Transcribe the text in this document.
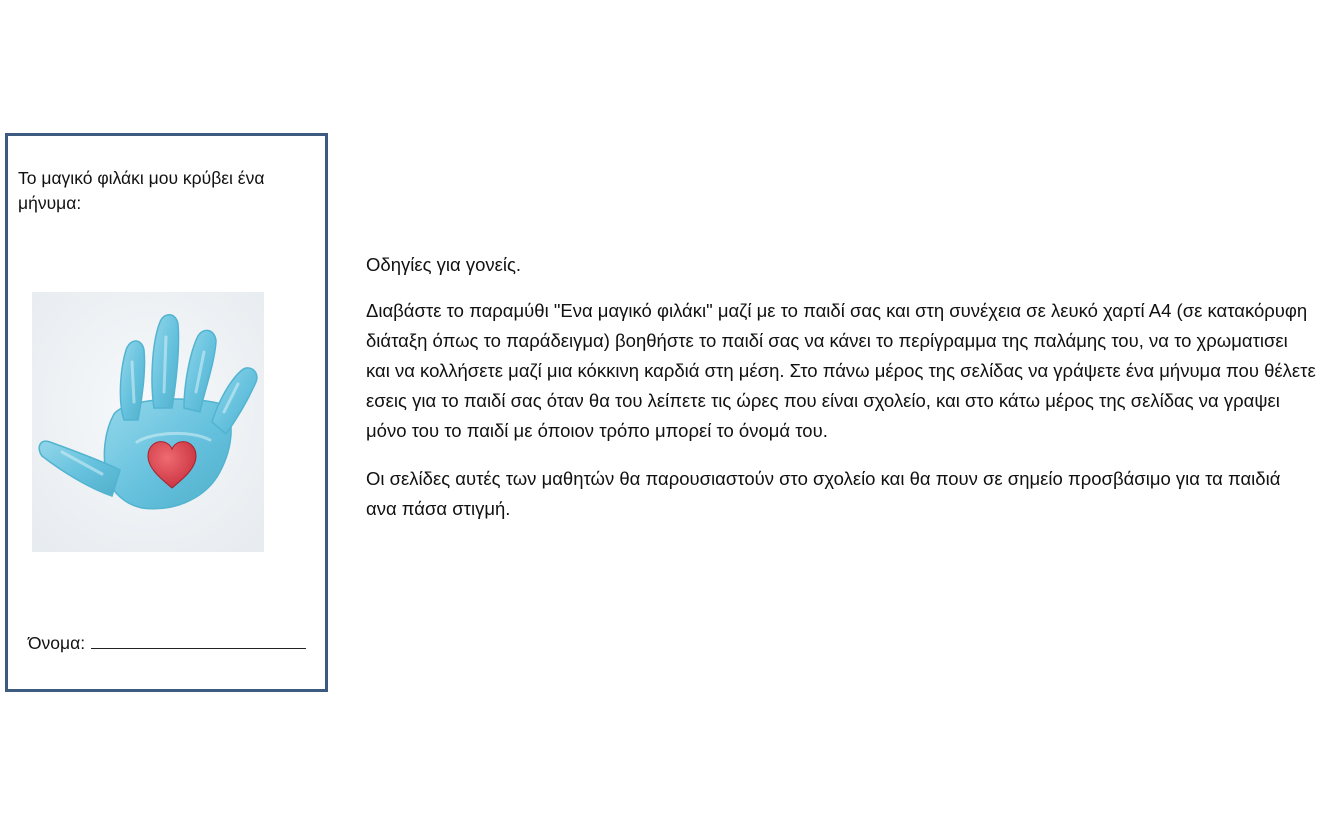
Το μαγικό φιλάκι μου κρύβει ένα μήνυμα:

Όνομα:

Οδηγίες για γονείς.

Διαβάστε το παραμύθι "Ενα μαγικό φιλάκι" μαζί με το παιδί σας και στη συνέχεια σε λευκό χαρτί Α4 (σε κατακόρυφη διάταξη όπως το παράδειγμα) βοηθήστε το παιδί σας να κάνει το περίγραμμα της παλάμης του, να το χρωματισει και να κολλήσετε μαζί μια κόκκινη καρδιά στη μέση. Στο πάνω μέρος της σελίδας να γράψετε ένα μήνυμα που θέλετε εσεις για το παιδί σας όταν θα του λείπετε τις ώρες που είναι σχολείο, και στο κάτω μέρος της σελίδας να γραψει μόνο του το παιδί με όποιον τρόπο μπορεί το όνομά του.

Οι σελίδες αυτές των μαθητών θα παρουσιαστούν στο σχολείο και θα πουν σε σημείο προσβάσιμο για τα παιδιά ανα πάσα στιγμή.
